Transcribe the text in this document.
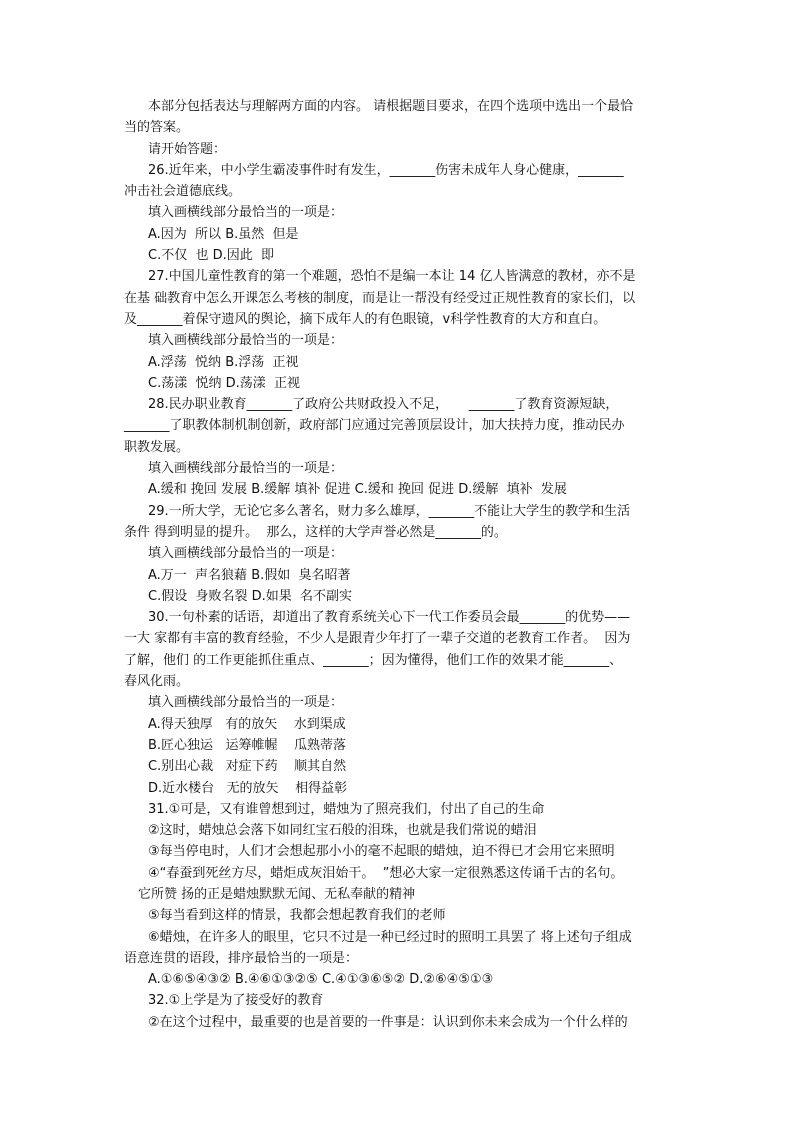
本部分包括表达与理解两方面的内容。 请根据题目要求，在四个选项中选出一个最恰
当的答案。
请开始答题：
26.近年来，中小学生霸凌事件时有发生，_______伤害未成年人身心健康，_______
冲击社会道德底线。
填入画横线部分最恰当的一项是：
A.因为  所以 B.虽然  但是
C.不仅  也 D.因此  即
27.中国儿童性教育的第一个难题，恐怕不是编一本让 14 亿人皆满意的教材，亦不是
在基 础教育中怎么开课怎么考核的制度，而是让一帮没有经受过正规性教育的家长们，以
及_______着保守遗风的舆论，摘下成年人的有色眼镜，v科学性教育的大方和直白。
填入画横线部分最恰当的一项是：
A.浮荡  悦纳 B.浮荡  正视
C.荡漾  悦纳 D.荡漾  正视
28.民办职业教育_______了政府公共财政投入不足，     _______了教育资源短缺，
_______了职教体制机制创新，政府部门应通过完善顶层设计，加大扶持力度，推动民办
职教发展。
填入画横线部分最恰当的一项是：
A.缓和 挽回 发展 B.缓解 填补 促进 C.缓和 挽回 促进 D.缓解  填补  发展
29.一所大学，无论它多么著名，财力多么雄厚，_______不能让大学生的教学和生活
条件 得到明显的提升。  那么，这样的大学声誉必然是_______的。
填入画横线部分最恰当的一项是：
A.万一  声名狼藉 B.假如  臭名昭著
C.假设  身败名裂 D.如果  名不副实
30.一句朴素的话语，却道出了教育系统关心下一代工作委员会最_______的优势——
一大 家都有丰富的教育经验，不少人是跟青少年打了一辈子交道的老教育工作者。  因为
了解，他们 的工作更能抓住重点、_______；因为懂得，他们工作的效果才能_______、
春风化雨。
填入画横线部分最恰当的一项是：
A.得天独厚   有的放矢    水到渠成
B.匠心独运   运筹帷幄    瓜熟蒂落
C.别出心裁   对症下药    顺其自然
D.近水楼台   无的放矢    相得益彰
31.①可是，又有谁曾想到过，蜡烛为了照亮我们，付出了自己的生命
②这时，蜡烛总会落下如同红宝石般的泪珠，也就是我们常说的蜡泪
③每当停电时，人们才会想起那小小的毫不起眼的蜡烛，迫不得已才会用它来照明
④“春蚕到死丝方尽，蜡炬成灰泪始干。  ”想必大家一定很熟悉这传诵千古的名句。
它所赞 扬的正是蜡烛默默无闻、无私奉献的精神
⑤每当看到这样的情景，我都会想起教育我们的老师
⑥蜡烛，在许多人的眼里，它只不过是一种已经过时的照明工具罢了 将上述句子组成
语意连贯的语段，排序最恰当的一项是：
A.①⑥⑤④③② B.④⑥①③②⑤ C.④①③⑥⑤② D.②⑥④⑤①③
32.①上学是为了接受好的教育
②在这个过程中，最重要的也是首要的一件事是：认识到你未来会成为一个什么样的
